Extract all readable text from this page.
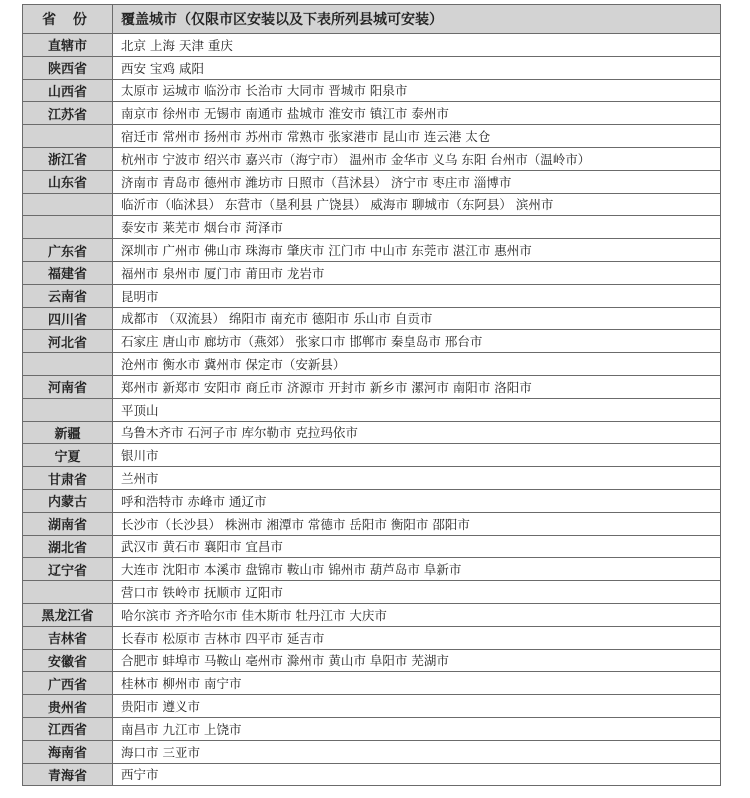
省 份	覆盖城市（仅限市区安装以及下表所列县城可安装）
直辖市	北京 上海 天津 重庆
陕西省	西安 宝鸡 咸阳
山西省	太原市 运城市 临汾市 长治市 大同市 晋城市 阳泉市
江苏省	南京市 徐州市 无锡市 南通市 盐城市 淮安市 镇江市 泰州市
	宿迁市 常州市 扬州市 苏州市 常熟市 张家港市 昆山市 连云港 太仓
浙江省	杭州市 宁波市 绍兴市 嘉兴市（海宁市） 温州市 金华市 义乌 东阳 台州市（温岭市）
山东省	济南市 青岛市 德州市 潍坊市 日照市（莒沭县） 济宁市 枣庄市 淄博市
	临沂市（临沭县） 东营市（垦利县 广饶县） 威海市 聊城市（东阿县） 滨州市
	泰安市 莱芜市 烟台市 菏泽市
广东省	深圳市 广州市 佛山市 珠海市 肇庆市 江门市 中山市 东莞市 湛江市 惠州市
福建省	福州市 泉州市 厦门市 莆田市 龙岩市
云南省	昆明市
四川省	成都市 （双流县） 绵阳市 南充市 德阳市 乐山市 自贡市
河北省	石家庄 唐山市 廊坊市（燕郊） 张家口市 邯郸市 秦皇岛市 邢台市
	沧州市 衡水市 冀州市 保定市（安新县）
河南省	郑州市 新郑市 安阳市 商丘市 济源市 开封市 新乡市 漯河市 南阳市 洛阳市
	平顶山
新疆	乌鲁木齐市 石河子市 库尔勒市 克拉玛依市
宁夏	银川市
甘肃省	兰州市
内蒙古	呼和浩特市 赤峰市 通辽市
湖南省	长沙市（长沙县） 株洲市 湘潭市 常德市 岳阳市 衡阳市 邵阳市
湖北省	武汉市 黄石市 襄阳市 宜昌市
辽宁省	大连市 沈阳市 本溪市 盘锦市 鞍山市 锦州市 葫芦岛市 阜新市
	营口市 铁岭市 抚顺市 辽阳市
黑龙江省	哈尔滨市 齐齐哈尔市 佳木斯市 牡丹江市 大庆市
吉林省	长春市 松原市 吉林市 四平市 延吉市
安徽省	合肥市 蚌埠市 马鞍山 亳州市 滁州市 黄山市 阜阳市 芜湖市
广西省	桂林市 柳州市 南宁市
贵州省	贵阳市 遵义市
江西省	南昌市 九江市 上饶市
海南省	海口市 三亚市
青海省	西宁市
